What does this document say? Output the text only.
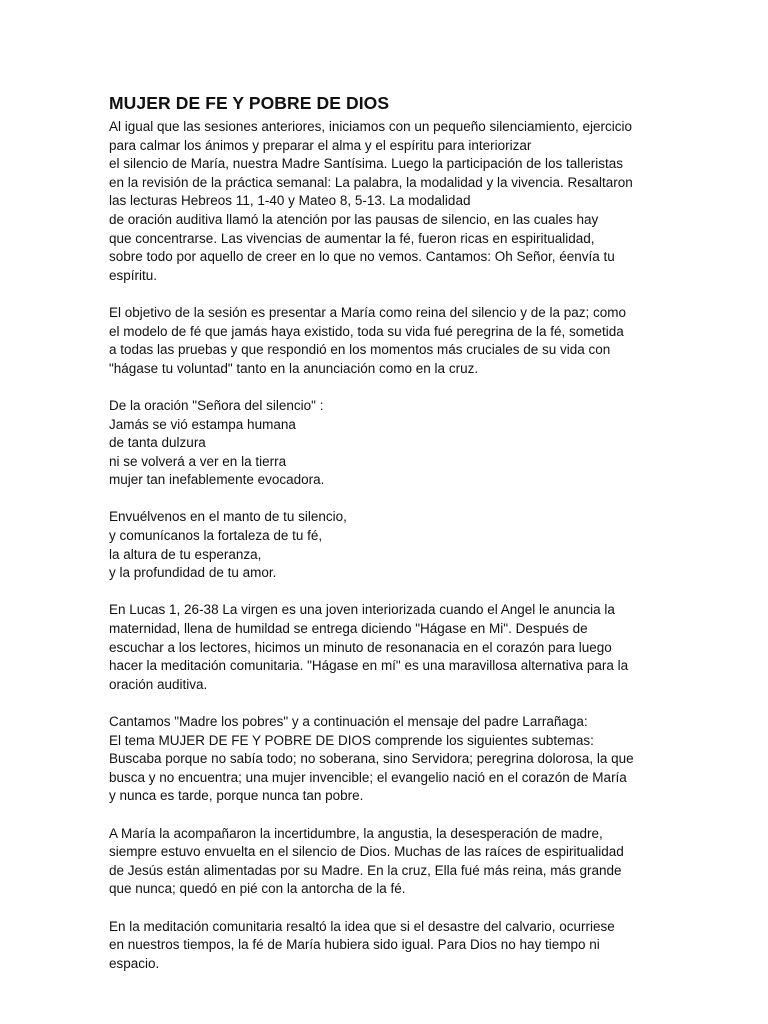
MUJER DE FE Y POBRE DE DIOS
Al igual que las sesiones anteriores, iniciamos con un pequeño silenciamiento, ejercicio
para calmar los ánimos y preparar el alma y el espíritu para interiorizar
el silencio de María, nuestra Madre Santísima. Luego la participación de los talleristas
en la revisión de la práctica semanal: La palabra, la modalidad y la vivencia. Resaltaron
las lecturas Hebreos 11, 1-40 y Mateo 8, 5-13. La modalidad
de oración auditiva llamó la atención por las pausas de silencio, en las cuales hay
que concentrarse. Las vivencias de aumentar la fé, fueron ricas en espiritualidad,
sobre todo por aquello de creer en lo que no vemos. Cantamos: Oh Señor, éenvía tu
espíritu.
El objetivo de la sesión es presentar a María como reina del silencio y de la paz; como
el modelo de fé que jamás haya existido, toda su vida fué peregrina de la fé, sometida
a todas las pruebas y que respondió en los momentos más cruciales de su vida con
"hágase tu voluntad" tanto en la anunciación como en la cruz.
De la oración "Señora del silencio" :
Jamás se vió estampa humana
de tanta dulzura
ni se volverá a ver en la tierra
mujer tan inefablemente evocadora.
Envuélvenos en el manto de tu silencio,
y comunícanos la fortaleza de tu fé,
la altura de tu esperanza,
y la profundidad de tu amor.
En Lucas 1, 26-38 La virgen es una joven interiorizada cuando el Angel le anuncia la
maternidad, llena de humildad se entrega diciendo "Hágase en Mi". Después de
escuchar a los lectores, hicimos un minuto de resonanacia en el corazón para luego
hacer la meditación comunitaria. "Hágase en mí" es una maravillosa alternativa para la
oración auditiva.
Cantamos "Madre los pobres" y a continuación el mensaje del padre Larrañaga:
El tema MUJER DE FE Y POBRE DE DIOS comprende los siguientes subtemas:
Buscaba porque no sabía todo; no soberana, sino Servidora; peregrina dolorosa, la que
busca y no encuentra; una mujer invencible; el evangelio nació en el corazón de María
y nunca es tarde, porque nunca tan pobre.
A María la acompañaron la incertidumbre, la angustia, la desesperación de madre,
siempre estuvo envuelta en el silencio de Dios. Muchas de las raíces de espiritualidad
de Jesús están alimentadas por su Madre. En la cruz, Ella fué más reina, más grande
que nunca; quedó en pié con la antorcha de la fé.
En la meditación comunitaria resaltó la idea que si el desastre del calvario, ocurriese
en nuestros tiempos, la fé de María hubiera sido igual. Para Dios no hay tiempo ni
espacio.
